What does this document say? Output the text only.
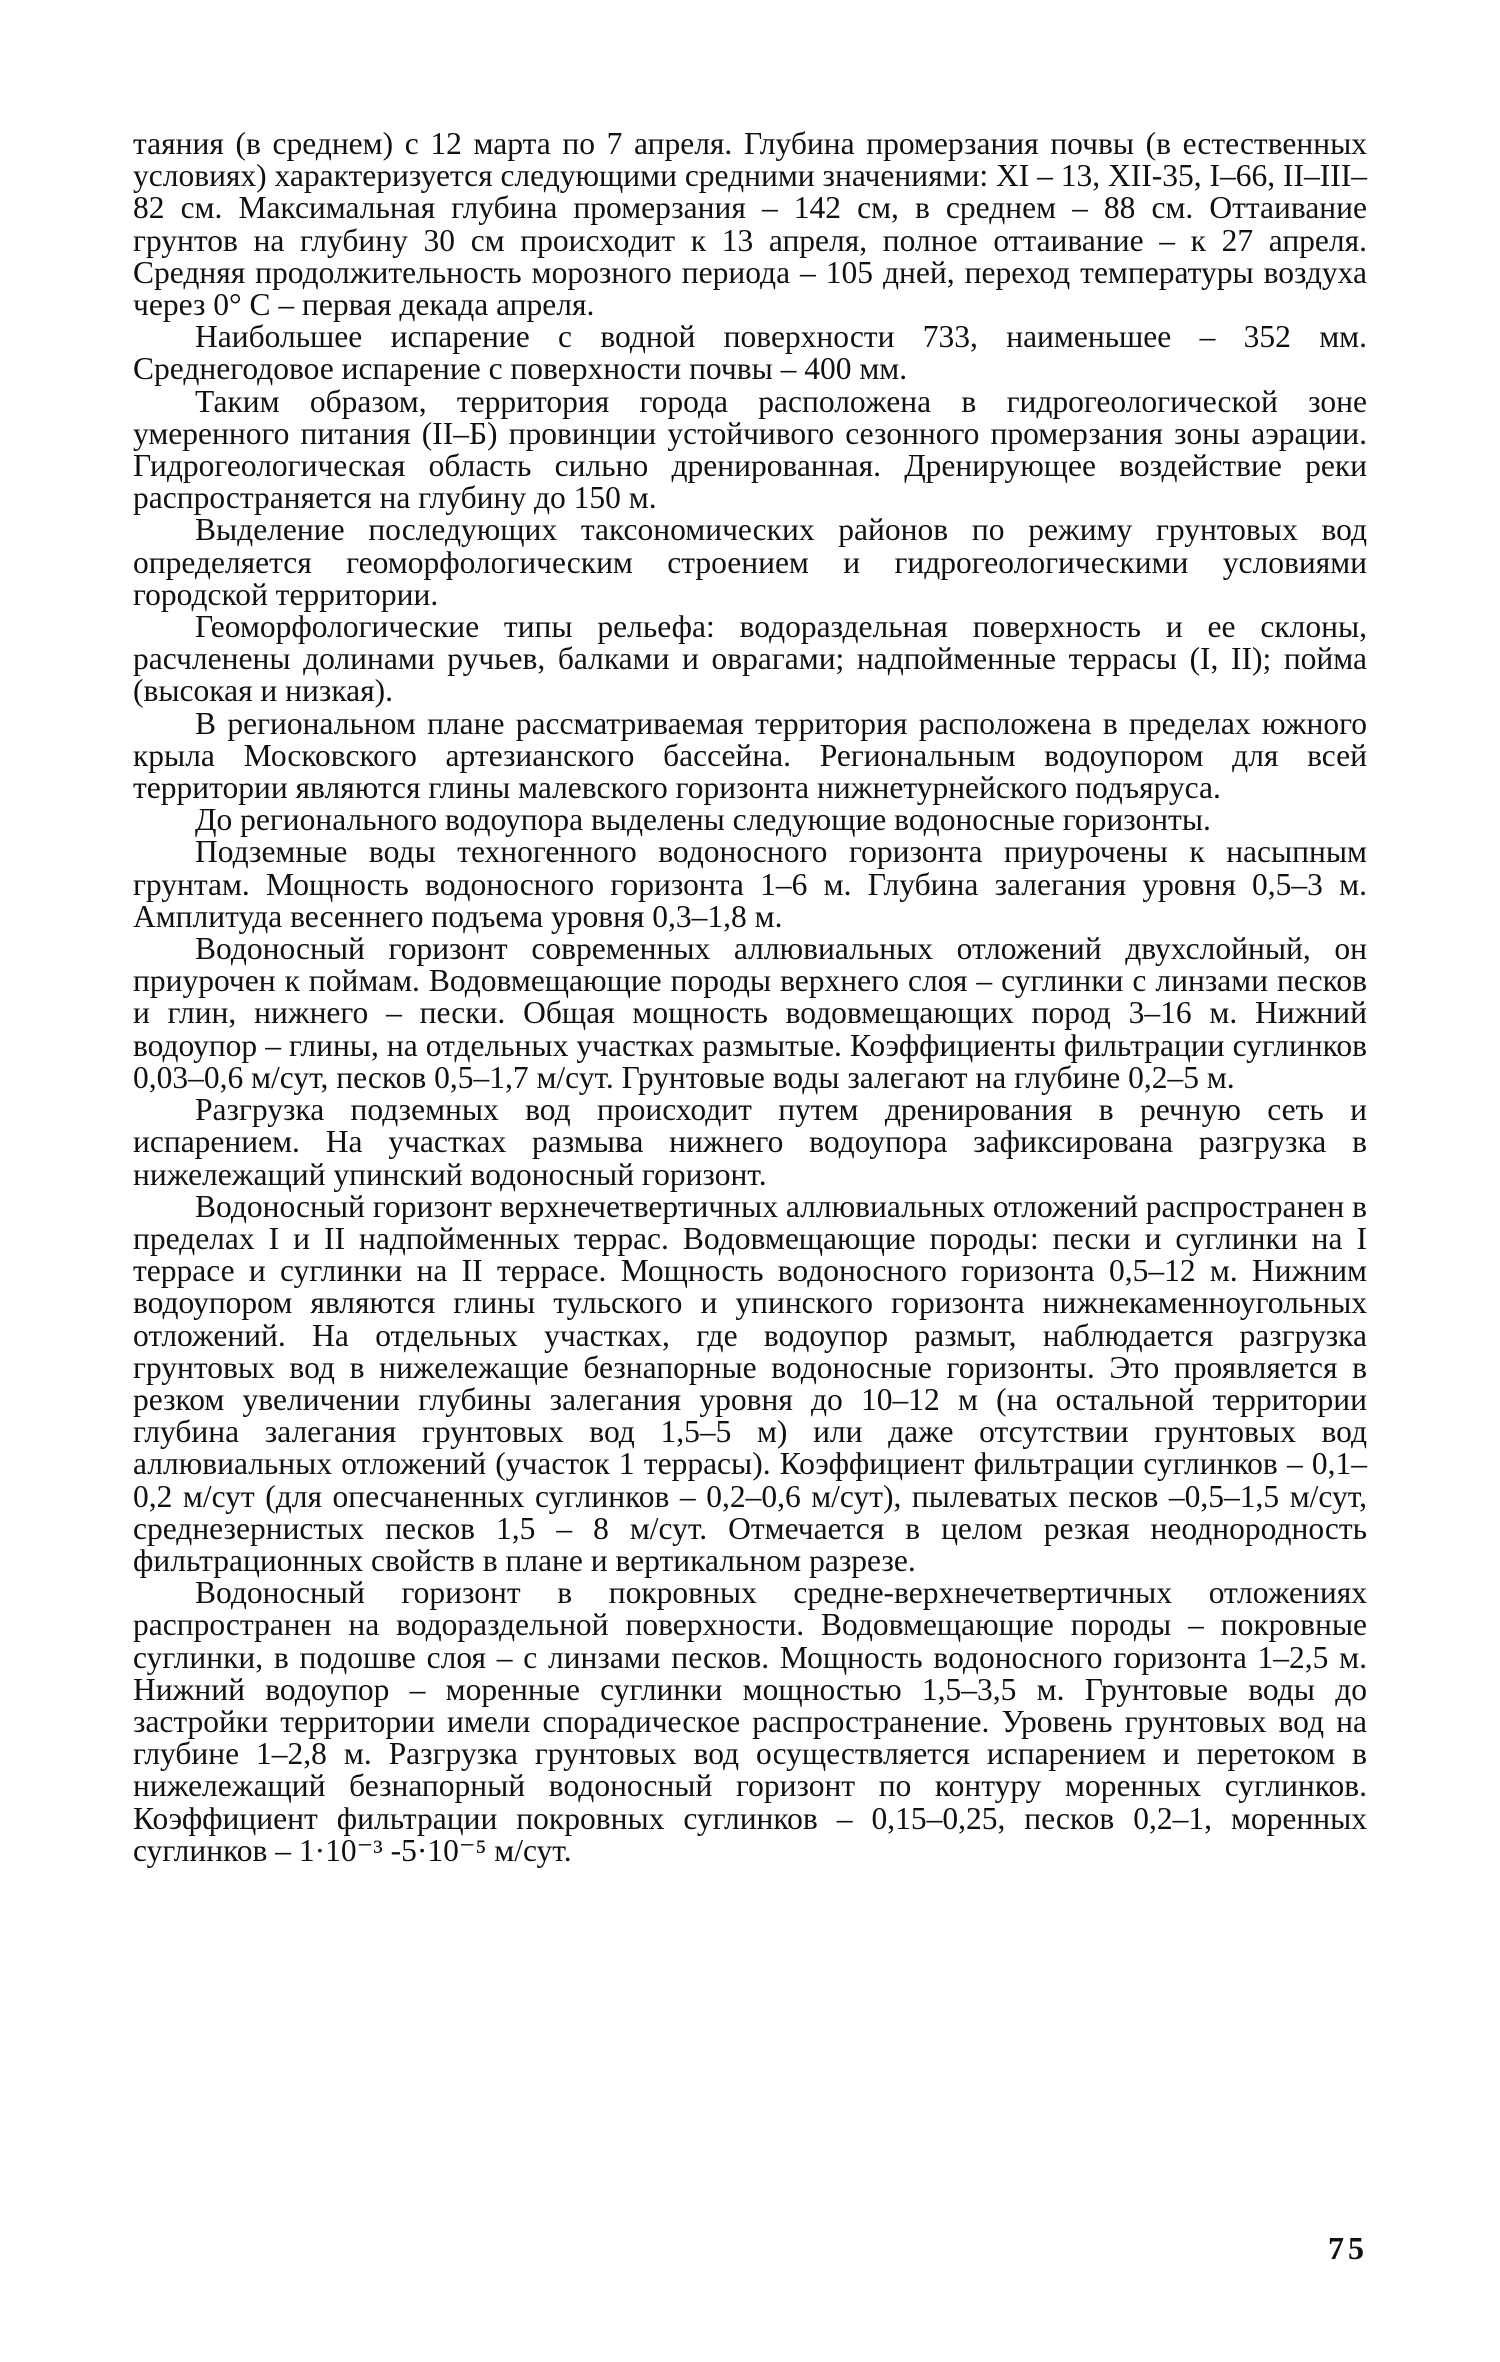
таяния (в среднем) с 12 марта по 7 апреля. Глубина промерзания почвы (в естественных условиях) характеризуется следующими средними значениями: XI – 13, XII-35, I–66, II–III–82 см. Максимальная глубина промерзания – 142 см, в среднем – 88 см. Оттаивание грунтов на глубину 30 см происходит к 13 апреля, полное оттаивание – к 27 апреля. Средняя продолжительность морозного периода – 105 дней, переход температуры воздуха через 0° С – первая декада апреля.

Наибольшее испарение с водной поверхности 733, наименьшее – 352 мм. Среднегодовое испарение с поверхности почвы – 400 мм.

Таким образом, территория города расположена в гидрогеологической зоне умеренного питания (II–Б) провинции устойчивого сезонного промерзания зоны аэрации. Гидрогеологическая область сильно дренированная. Дренирующее воздействие реки распространяется на глубину до 150 м.

Выделение последующих таксономических районов по режиму грунтовых вод определяется геоморфологическим строением и гидрогеологическими условиями городской территории.

Геоморфологические типы рельефа: водораздельная поверхность и ее склоны, расчленены долинами ручьев, балками и оврагами; надпойменные террасы (I, II); пойма (высокая и низкая).

В региональном плане рассматриваемая территория расположена в пределах южного крыла Московского артезианского бассейна. Региональным водоупором для всей территории являются глины малевского горизонта нижнетурнейского подъяруса.

До регионального водоупора выделены следующие водоносные горизонты.

Подземные воды техногенного водоносного горизонта приурочены к насыпным грунтам. Мощность водоносного горизонта 1–6 м. Глубина залегания уровня 0,5–3 м. Амплитуда весеннего подъема уровня 0,3–1,8 м.

Водоносный горизонт современных аллювиальных отложений двухслойный, он приурочен к поймам. Водовмещающие породы верхнего слоя – суглинки с линзами песков и глин, нижнего – пески. Общая мощность водовмещающих пород 3–16 м. Нижний водоупор – глины, на отдельных участках размытые. Коэффициенты фильтрации суглинков 0,03–0,6 м/сут, песков 0,5–1,7 м/сут. Грунтовые воды залегают на глубине 0,2–5 м.

Разгрузка подземных вод происходит путем дренирования в речную сеть и испарением. На участках размыва нижнего водоупора зафиксирована разгрузка в нижележащий упинский водоносный горизонт.

Водоносный горизонт верхнечетвертичных аллювиальных отложений распространен в пределах I и II надпойменных террас. Водовмещающие породы: пески и суглинки на I террасе и суглинки на II террасе. Мощность водоносного горизонта 0,5–12 м. Нижним водоупором являются глины тульского и упинского горизонта нижнекаменноугольных отложений. На отдельных участках, где водоупор размыт, наблюдается разгрузка грунтовых вод в нижележащие безнапорные водоносные горизонты. Это проявляется в резком увеличении глубины залегания уровня до 10–12 м (на остальной территории глубина залегания грунтовых вод 1,5–5 м) или даже отсутствии грунтовых вод аллювиальных отложений (участок 1 террасы). Коэффициент фильтрации суглинков – 0,1–0,2 м/сут (для опесчаненных суглинков – 0,2–0,6 м/сут), пылеватых песков –0,5–1,5 м/сут, среднезернистых песков 1,5 – 8 м/сут. Отмечается в целом резкая неоднородность фильтрационных свойств в плане и вертикальном разрезе.

Водоносный горизонт в покровных средне-верхнечетвертичных отложениях распространен на водораздельной поверхности. Водовмещающие породы – покровные суглинки, в подошве слоя – с линзами песков. Мощность водоносного горизонта 1–2,5 м. Нижний водоупор – моренные суглинки мощностью 1,5–3,5 м. Грунтовые воды до застройки территории имели спорадическое распространение. Уровень грунтовых вод на глубине 1–2,8 м. Разгрузка грунтовых вод осуществляется испарением и перетоком в нижележащий безнапорный водоносный горизонт по контуру моренных суглинков. Коэффициент фильтрации покровных суглинков – 0,15–0,25, песков 0,2–1, моренных суглинков – 1·10⁻³ -5·10⁻⁵ м/сут.

75
